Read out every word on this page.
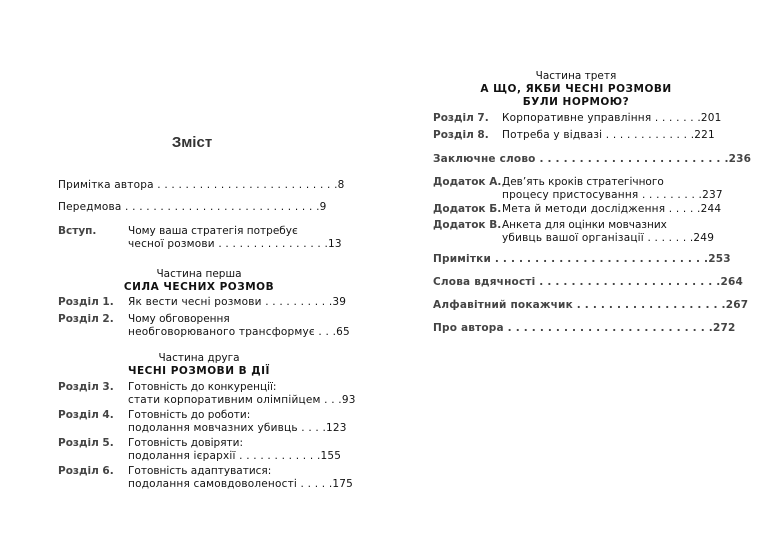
Зміст
Примітка автора . . . . . . . . . . . . . . . . . . . . . . . . . .8
Передмова . . . . . . . . . . . . . . . . . . . . . . . . . . . .9
Вступ.	Чому ваша стратегія потребує
чесної розмови . . . . . . . . . . . . . . . .13
Частина перша
СИЛА ЧЕСНИХ РОЗМОВ
Розділ 1. Як вести чесні розмови . . . . . . . . . .39
Розділ 2. Чому обговорення
необговорюваного трансформує . . .65
Частина друга
ЧЕСНІ РОЗМОВИ В ДІЇ
Розділ 3. Готовність до конкуренції:
стати корпоративним олімпійцем . . .93
Розділ 4. Готовність до роботи:
подолання мовчазних убивць . . . .123
Розділ 5. Готовність довіряти:
подолання ієрархії . . . . . . . . . . . .155
Розділ 6. Готовність адаптуватися:
подолання самовдоволеності . . . . .175
Частина третя
А ЩО, ЯКБИ ЧЕСНІ РОЗМОВИ
БУЛИ НОРМОЮ?
Розділ 7. Корпоративне управління . . . . . . .201
Розділ 8. Потреба у відвазі . . . . . . . . . . . . .221
Заключне слово . . . . . . . . . . . . . . . . . . . . . . . .236
Додаток А. Дев’ять кроків стратегічного
процесу пристосування . . . . . . . . .237
Додаток Б. Мета й методи дослідження . . . . .244
Додаток В. Анкета для оцінки мовчазних
убивць вашої організації . . . . . . .249
Примітки . . . . . . . . . . . . . . . . . . . . . . . . . . .253
Слова вдячності . . . . . . . . . . . . . . . . . . . . . . .264
Алфавітний покажчик . . . . . . . . . . . . . . . . . . .267
Про автора . . . . . . . . . . . . . . . . . . . . . . . . . .272
